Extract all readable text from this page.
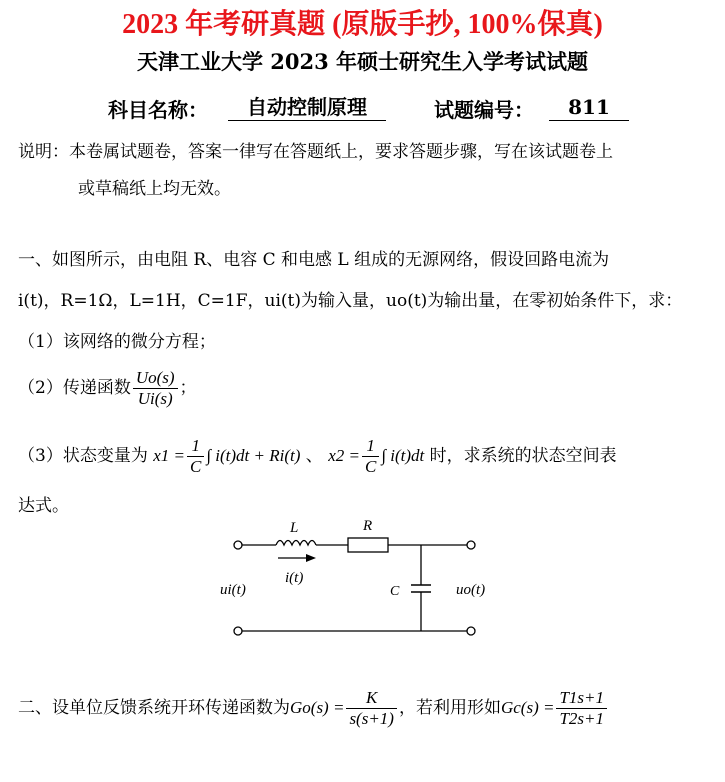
2023 年考研真题 (原版手抄, 100%保真)
天津工业大学 2023 年硕士研究生入学考试试题
科目名称：	自动控制原理	试题编号：	811
说明：本卷属试题卷，答案一律写在答题纸上，要求答题步骤，写在该试题卷上
或草稿纸上均无效。
一、如图所示，由电阻 R、电容 C 和电感 L 组成的无源网络，假设回路电流为
i(t)，R=1Ω，L=1H，C=1F，ui(t)为输入量，uo(t)为输出量，在零初始条件下，求：
（1）该网络的微分方程；
（2）传递函数 $\frac{Uo(s)}{Ui(s)}$ ；
（3）状态变量为 $x1 = \frac{1}{C}$ ∫ i(t)dt + Ri(t) 、 $x2 = \frac{1}{C}$ ∫ i(t)dt 时，求系统的状态空间表
达式。
L	R
C
i(t)
ui(t)	uo(t)
二、设单位反馈系统开环传递函数为$Go(s) = \frac{K}{s(s+1)}$ ，若利用形如$Gc(s) = \frac{T1s+1}{T2s+1}$
